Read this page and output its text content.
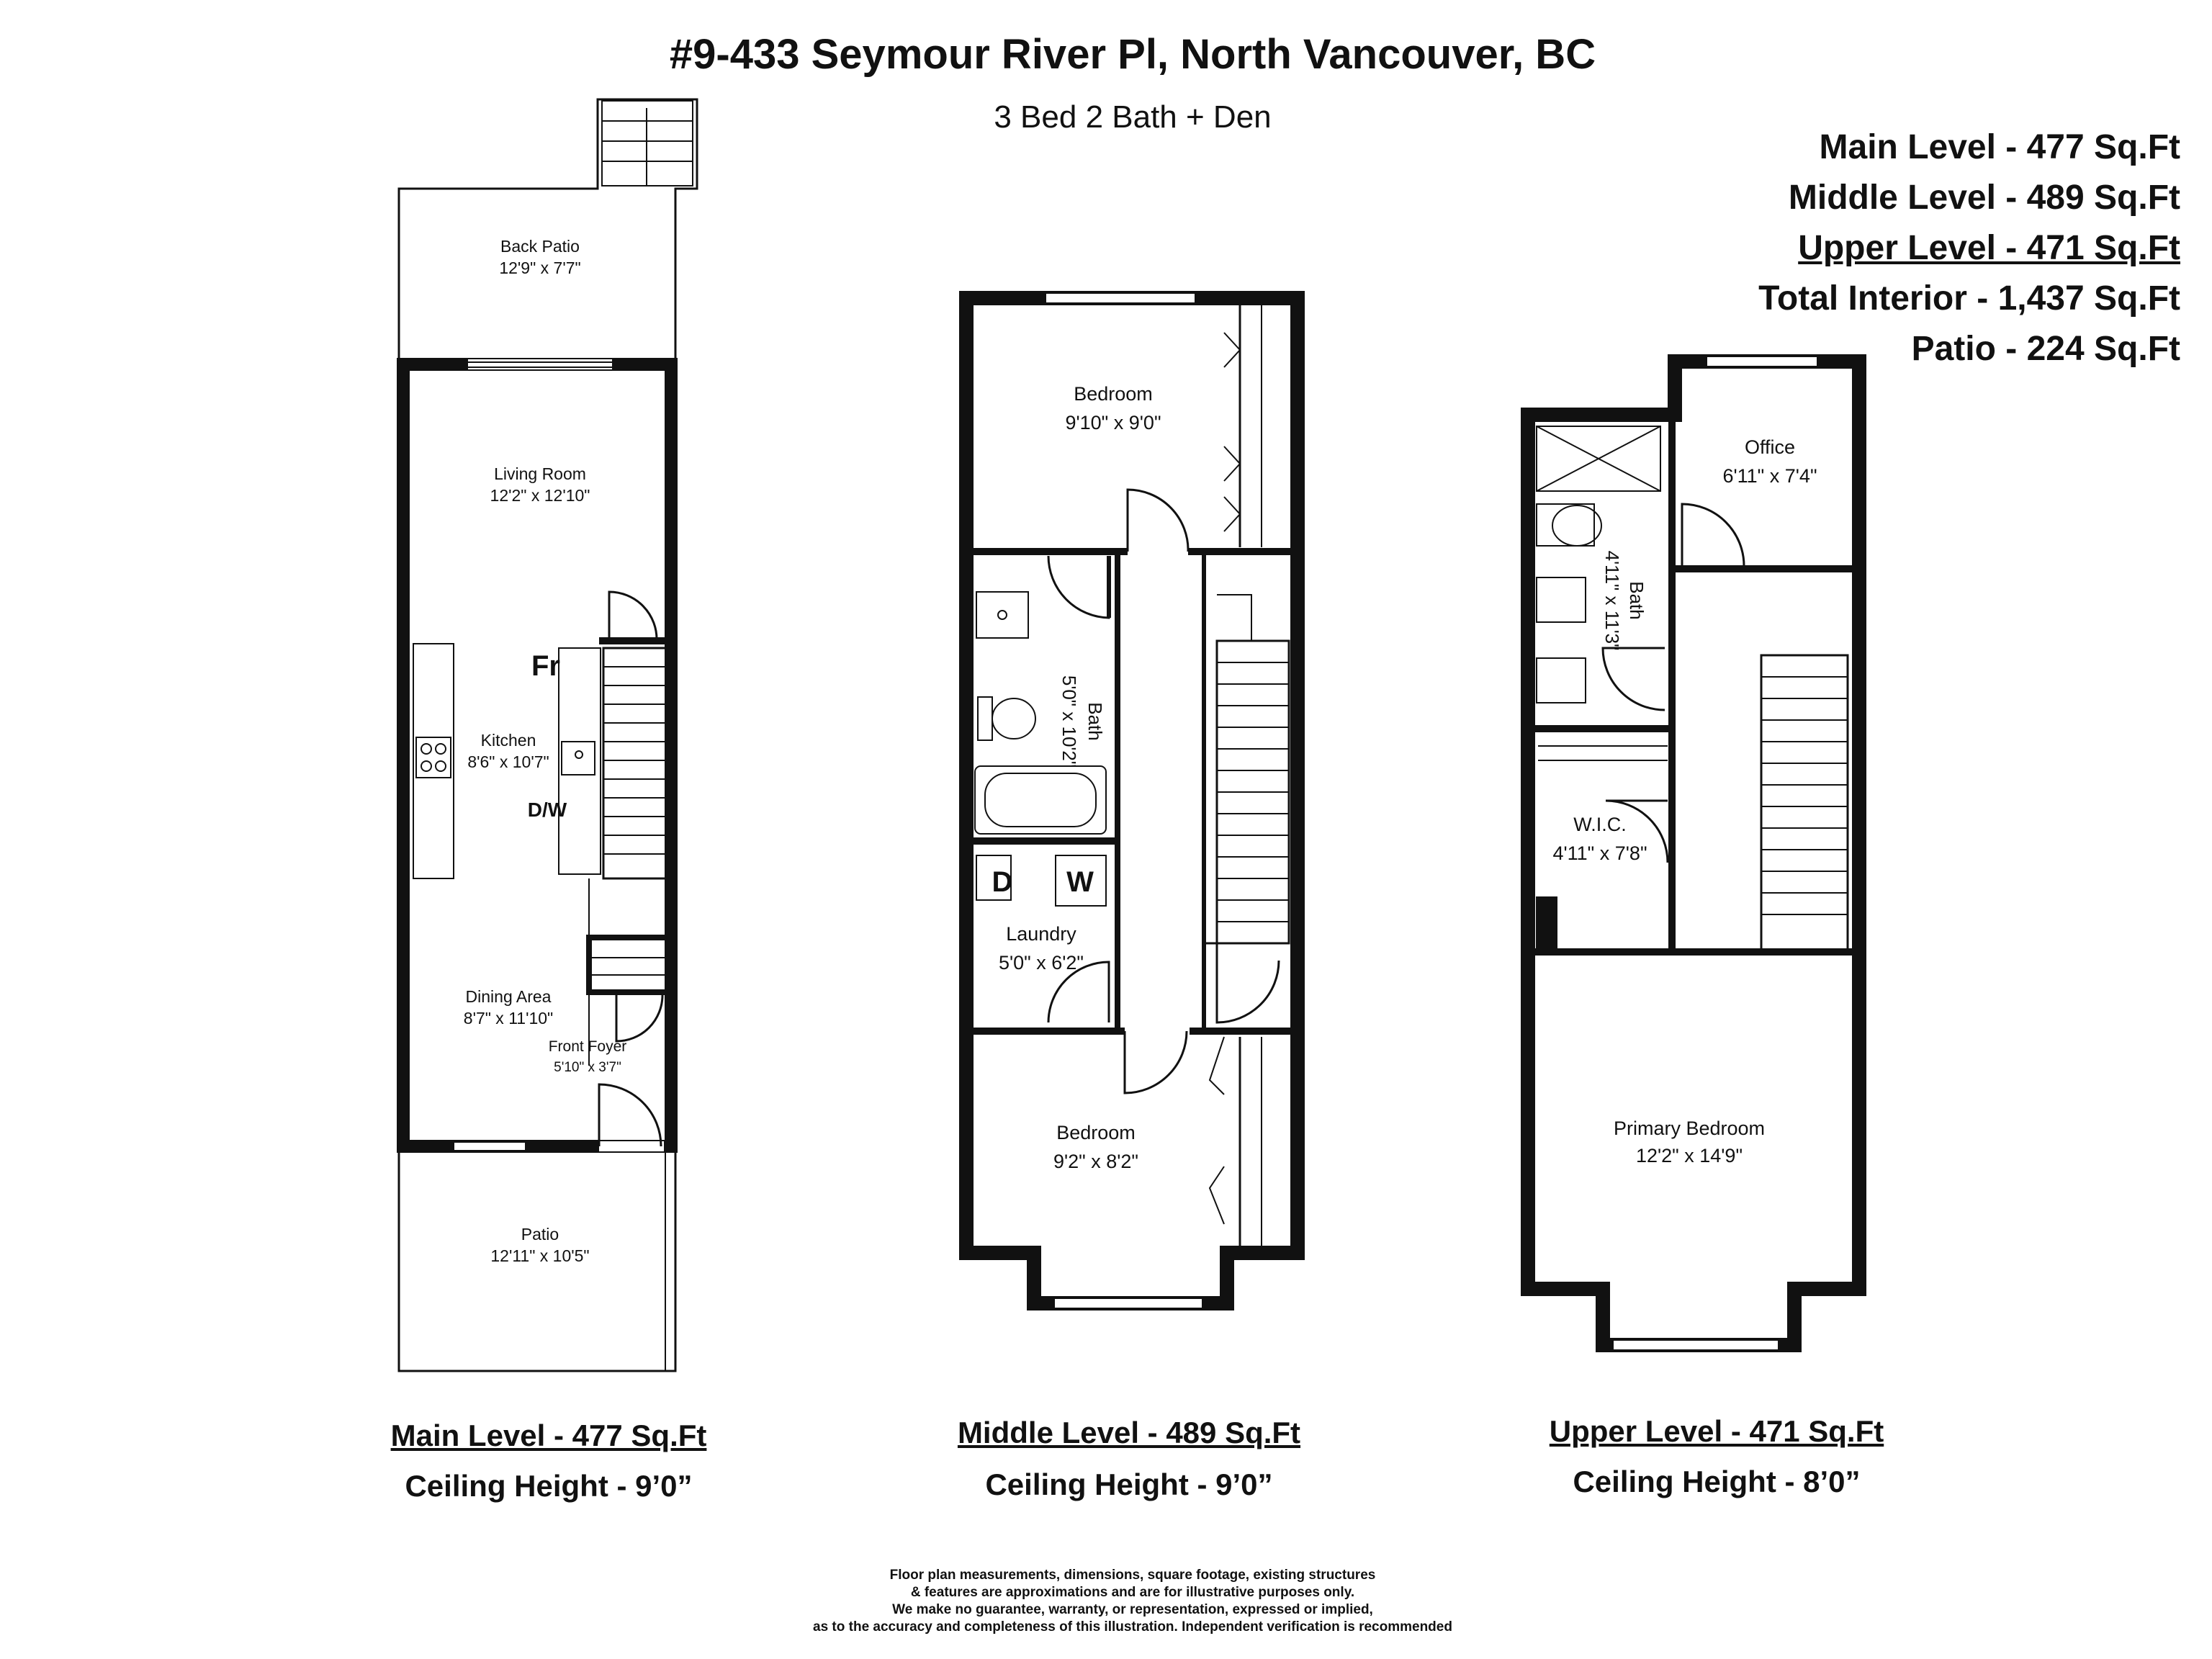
#9-433 Seymour River Pl, North Vancouver, BC
3 Bed 2 Bath + Den
Main Level - 477 Sq.Ft
Middle Level - 489 Sq.Ft
Upper Level - 471 Sq.Ft
Total Interior - 1,437 Sq.Ft
Patio - 224 Sq.Ft
Back Patio
12'9" x 7'7"
Living Room
12'2" x 12'10"
Kitchen
8'6" x 10'7"
Fr
D/W
Dining Area
8'7" x 11'10"
Front Foyer
5'10" x 3'7"
Patio
12'11" x 10'5"
Bedroom
9'10" x 9'0"
Bath
5'0" x 10'2"
D W
Laundry
5'0" x 6'2"
Bedroom
9'2" x 8'2"
Office
6'11" x 7'4"
Bath
4'11" x 11'3"
W.I.C.
4'11" x 7'8"
Primary Bedroom
12'2" x 14'9"
Main Level - 477 Sq.Ft
Ceiling Height - 9’0”
Middle Level - 489 Sq.Ft
Ceiling Height - 9’0”
Upper Level - 471 Sq.Ft
Ceiling Height - 8’0”
Floor plan measurements, dimensions, square footage, existing structures
& features are approximations and are for illustrative purposes only.
We make no guarantee, warranty, or representation, expressed or implied,
as to the accuracy and completeness of this illustration. Independent verification is recommended
